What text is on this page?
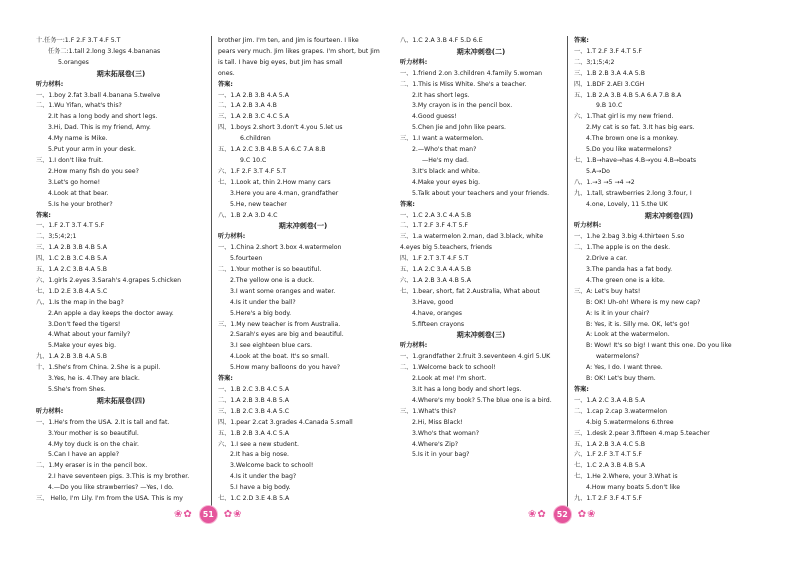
十.任务一:1.F 2.F 3.T 4.F 5.T
任务二:1.tall 2.long 3.legs 4.bananas
5.oranges
期末拓展卷(三)
听力材料:
一、1.boy 2.fat 3.ball 4.banana 5.twelve
二、1.Wu Yifan, what's this?
2.It has a long body and short legs.
3.Hi, Dad. This is my friend, Amy.
4.My name is Mike.
5.Put your arm in your desk.
三、1.I don't like fruit.
2.How many fish do you see?
3.Let's go home!
4.Look at that bear.
5.Is he your brother?
答案:
一、1.F 2.T 3.T 4.T 5.F
二、3;5;4;2;1
三、1.A 2.B 3.B 4.B 5.A
四、1.C 2.B 3.C 4.B 5.A
五、1.A 2.C 3.B 4.A 5.B
六、1.girls 2.eyes 3.Sarah's 4.grapes 5.chicken
七、1.D 2.E 3.B 4.A 5.C
八、1.Is the map in the bag?
2.An apple a day keeps the doctor away.
3.Don't feed the tigers!
4.What about your family?
5.Make your eyes big.
九、1.A 2.B 3.B 4.A 5.B
十、1.She's from China. 2.She is a pupil.
3.Yes, he is. 4.They are black.
5.She's from Shes.
期末拓展卷(四)
听力材料:
一、1.He's from the USA. 2.It is tall and fat.
3.Your mother is so beautiful.
4.My toy duck is on the chair.
5.Can I have an apple?
二、1.My eraser is in the pencil box.
2.I have seventeen pigs. 3.This is my brother.
4.—Do you like strawberries? —Yes, I do.
三、 Hello, I'm Lily. I'm from the USA. This is my
brother Jim. I'm ten, and Jim is fourteen. I like
pears very much. Jim likes grapes. I'm short, but Jim
is tall. I have big eyes, but Jim has small
ones.
答案:
一、1.A 2.B 3.B 4.A 5.A
二、1.A 2.B 3.A 4.B
三、1.A 2.B 3.C 4.C 5.A
四、1.boys 2.short 3.don't 4.you 5.let us
6.children
五、1.A 2.C 3.B 4.B 5.A 6.C 7.A 8.B
9.C 10.C
六、1.F 2.F 3.T 4.F 5.T
七、1.Look at, thin 2.How many cars
3.Here you are 4.man, grandfather
5.He, new teacher
八、1.B 2.A 3.D 4.C
期末冲刺卷(一)
听力材料:
一、1.China 2.short 3.box 4.watermelon
5.fourteen
二、1.Your mother is so beautiful.
2.The yellow one is a duck.
3.I want some oranges and water.
4.Is it under the ball?
5.Here's a big body.
三、1.My new teacher is from Australia.
2.Sarah's eyes are big and beautiful.
3.I see eighteen blue cars.
4.Look at the boat. It's so small.
5.How many balloons do you have?
答案:
一、1.B 2.C 3.B 4.C 5.A
二、1.A 2.B 3.B 4.B 5.A
三、1.B 2.C 3.B 4.A 5.C
四、1.pear 2.cat 3.grades 4.Canada 5.small
五、1.B 2.B 3.A 4.C 5.A
六、1.I see a new student.
2.It has a big nose.
3.Welcome back to school!
4.Is it under the bag?
5.I have a big body.
七、1.C 2.D 3.E 4.B 5.A
八、1.C 2.A 3.B 4.F 5.D 6.E
期末冲刺卷(二)
听力材料:
一、1.friend 2.on 3.children 4.family 5.woman
二、1.This is Miss White. She's a teacher.
2.It has short legs.
3.My crayon is in the pencil box.
4.Good guess!
5.Chen Jie and John like pears.
三、1.I want a watermelon.
2.—Who's that man?
—He's my dad.
3.It's black and white.
4.Make your eyes big.
5.Talk about your teachers and your friends.
答案:
一、1.C 2.A 3.C 4.A 5.B
二、1.T 2.F 3.F 4.T 5.F
三、1.a watermelon 2.man, dad 3.black, white
4.eyes big 5.teachers, friends
四、1.F 2.T 3.T 4.F 5.T
五、1.A 2.C 3.A 4.A 5.B
六、1.A 2.B 3.A 4.B 5.A
七、1.bear, short, fat 2.Australia, What about
3.Have, good
4.have, oranges
5.fifteen crayons
期末冲刺卷(三)
听力材料:
一、1.grandfather 2.fruit 3.seventeen 4.girl 5.UK
二、1.Welcome back to school!
2.Look at me! I'm short.
3.It has a long body and short legs.
4.Where's my book? 5.The blue one is a bird.
三、1.What's this?
2.Hi, Miss Black!
3.Who's that woman?
4.Where's Zip?
5.Is it in your bag?
答案:
一、1.T 2.F 3.F 4.T 5.F
二、3;1;5;4;2
三、1.B 2.B 3.A 4.A 5.B
四、1.BDF 2.AEI 3.CGH
五、1.B 2.A 3.B 4.B 5.A 6.A 7.B 8.A
9.B 10.C
六、1.That girl is my new friend.
2.My cat is so fat. 3.It has big ears.
4.The brown one is a monkey.
5.Do you like watermelons?
七、1.B→have→has 4.B→you 4.B→boats
5.A→Do
八、1.→3 →5 →4 →2
九、1.tall, strawberries 2.long 3.four, I
4.one, Lovely, 11 5.the UK
期末冲刺卷(四)
听力材料:
一、1.he 2.bag 3.big 4.thirteen 5.so
二、1.The apple is on the desk.
2.Drive a car.
3.The panda has a fat body.
4.The green one is a kite.
三、A: Let's buy hats!
B: OK! Uh-oh! Where is my new cap?
A: Is it in your chair?
B: Yes, it is. Silly me. OK, let's go!
A: Look at the watermelon.
B: Wow! It's so big! I want this one. Do you like
watermelons?
A: Yes, I do. I want three.
B: OK! Let's buy them.
答案:
一、1.A 2.C 3.A 4.B 5.A
二、1.cap 2.cap 3.watermelon
4.big 5.watermelons 6.three
三、1.desk 2.pear 3.fifteen 4.map 5.teacher
五、1.A 2.B 3.A 4.C 5.B
六、1.F 2.F 3.T 4.T 5.F
七、1.C 2.A 3.B 4.B 5.A
七、1.He 2.Where, your 3.What is
4.How many boats 5.don't like
九、1.T 2.F 3.F 4.T 5.F
❀✿	51 ✿❀	❀✿	52 ✿❀
